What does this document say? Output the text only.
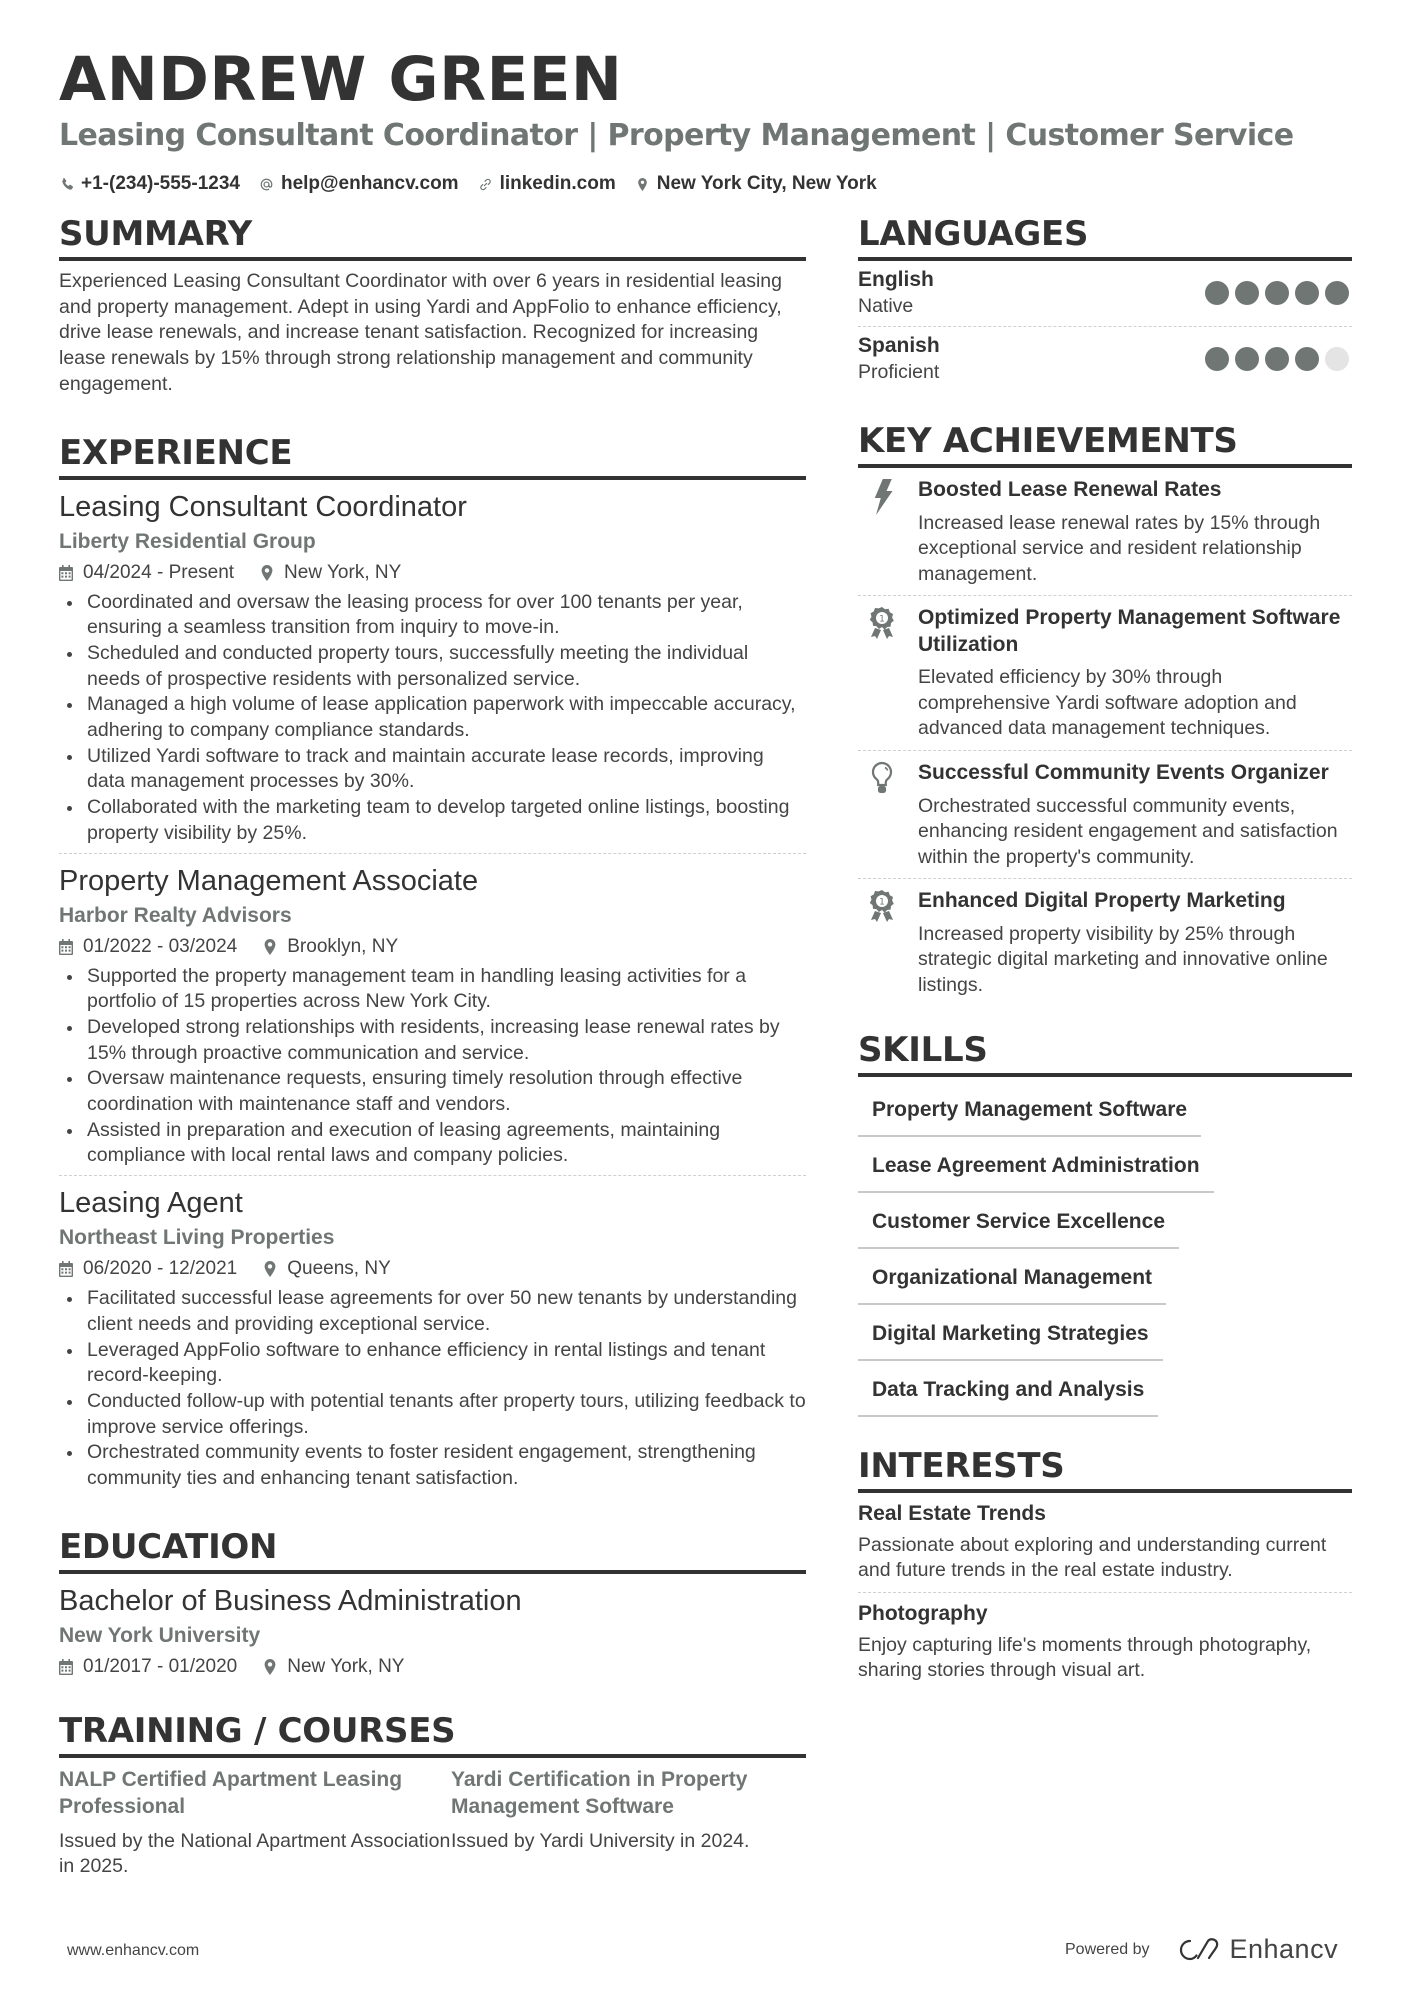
ANDREW GREEN
Leasing Consultant Coordinator | Property Management | Customer Service
+1-(234)-555-1234 help@enhancv.com linkedin.com New York City, New York
SUMMARY
Experienced Leasing Consultant Coordinator with over 6 years in residential leasing and property management. Adept in using Yardi and AppFolio to enhance efficiency, drive lease renewals, and increase tenant satisfaction. Recognized for increasing lease renewals by 15% through strong relationship management and community engagement.
EXPERIENCE
Leasing Consultant Coordinator
Liberty Residential Group
04/2024 - Present	New York, NY
Coordinated and oversaw the leasing process for over 100 tenants per year, ensuring a seamless transition from inquiry to move-in.
Scheduled and conducted property tours, successfully meeting the individual needs of prospective residents with personalized service.
Managed a high volume of lease application paperwork with impeccable accuracy, adhering to company compliance standards.
Utilized Yardi software to track and maintain accurate lease records, improving data management processes by 30%.
Collaborated with the marketing team to develop targeted online listings, boosting property visibility by 25%.
Property Management Associate
Harbor Realty Advisors
01/2022 - 03/2024	Brooklyn, NY
Supported the property management team in handling leasing activities for a portfolio of 15 properties across New York City.
Developed strong relationships with residents, increasing lease renewal rates by 15% through proactive communication and service.
Oversaw maintenance requests, ensuring timely resolution through effective coordination with maintenance staff and vendors.
Assisted in preparation and execution of leasing agreements, maintaining compliance with local rental laws and company policies.
Leasing Agent
Northeast Living Properties
06/2020 - 12/2021	Queens, NY
Facilitated successful lease agreements for over 50 new tenants by understanding client needs and providing exceptional service.
Leveraged AppFolio software to enhance efficiency in rental listings and tenant record-keeping.
Conducted follow-up with potential tenants after property tours, utilizing feedback to improve service offerings.
Orchestrated community events to foster resident engagement, strengthening community ties and enhancing tenant satisfaction.
EDUCATION
Bachelor of Business Administration
New York University
01/2017 - 01/2020	New York, NY
TRAINING / COURSES
NALP Certified Apartment Leasing Professional
Issued by the National Apartment Association in 2025.
Yardi Certification in Property Management Software
Issued by Yardi University in 2024.
LANGUAGES
English
Native
Spanish
Proficient
KEY ACHIEVEMENTS
Boosted Lease Renewal Rates
Increased lease renewal rates by 15% through exceptional service and resident relationship management.
1 Optimized Property Management Software Utilization
Elevated efficiency by 30% through comprehensive Yardi software adoption and advanced data management techniques.
Successful Community Events Organizer
Orchestrated successful community events, enhancing resident engagement and satisfaction within the property's community.
1 Enhanced Digital Property Marketing
Increased property visibility by 25% through strategic digital marketing and innovative online listings.
SKILLS
Property Management Software
Lease Agreement Administration
Customer Service Excellence
Organizational Management
Digital Marketing Strategies
Data Tracking and Analysis
INTERESTS
Real Estate Trends
Passionate about exploring and understanding current and future trends in the real estate industry.
Photography
Enjoy capturing life's moments through photography, sharing stories through visual art.
www.enhancv.com	Powered by	Enhancv
